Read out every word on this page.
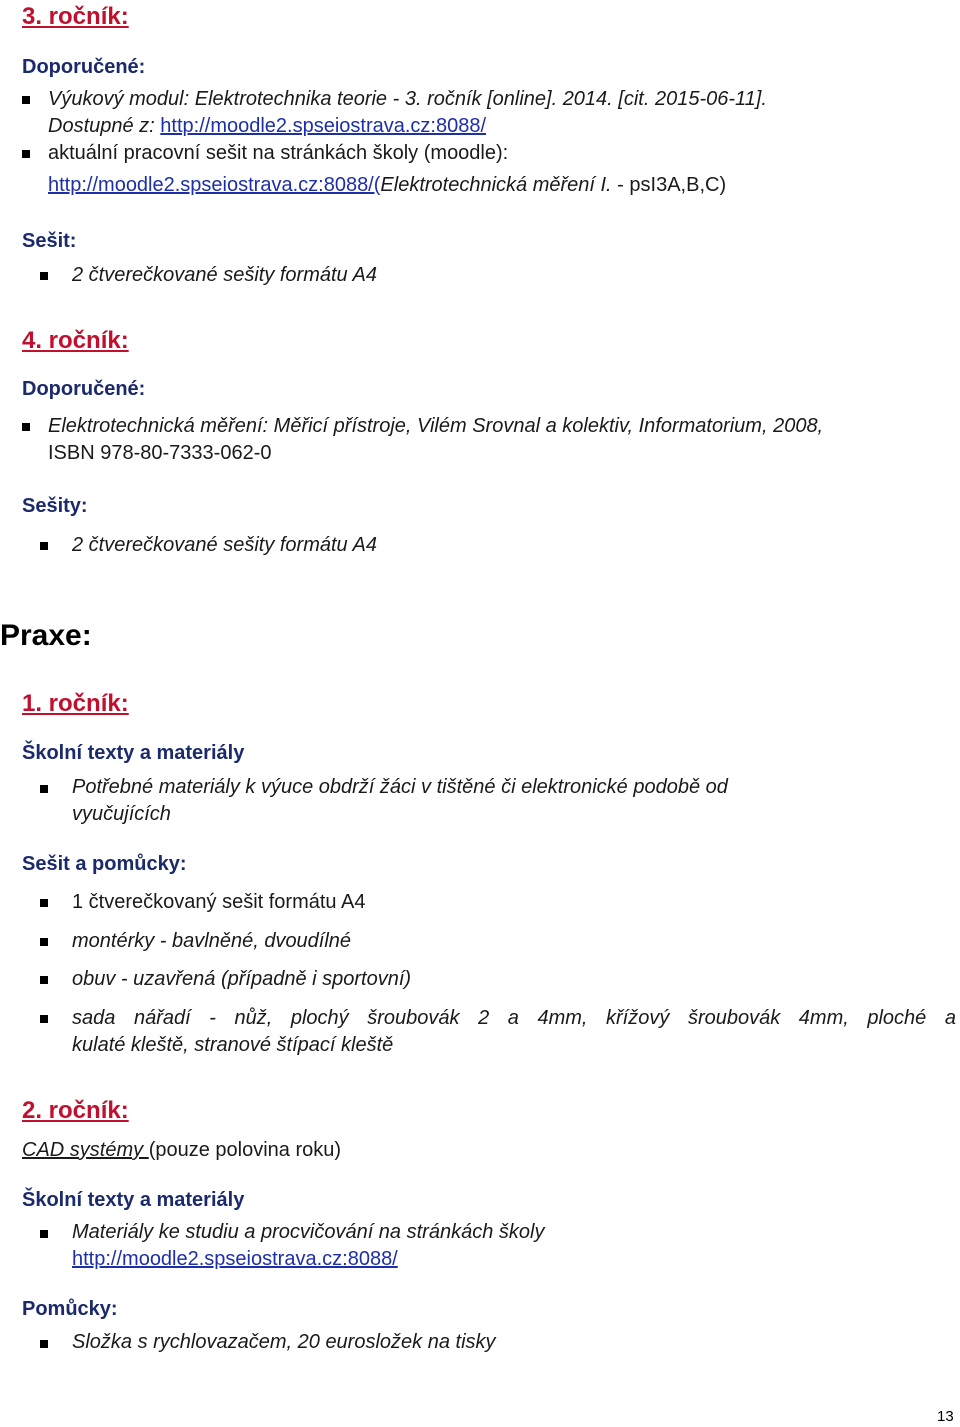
3. ročník:
Doporučené:
Výukový modul: Elektrotechnika teorie - 3. ročník [online]. 2014. [cit. 2015-06-11].
Dostupné z: http://moodle2.spseiostrava.cz:8088/
aktuální pracovní sešit na stránkách školy (moodle):
http://moodle2.spseiostrava.cz:8088/(Elektrotechnická měření I. - psI3A,B,C)
Sešit:
2 čtverečkované sešity formátu A4
4. ročník:
Doporučené:
Elektrotechnická měření: Měřicí přístroje, Vilém Srovnal a kolektiv, Informatorium, 2008,
ISBN 978-80-7333-062-0
Sešity:
2 čtverečkované sešity formátu A4
Praxe:
1. ročník:
Školní texty a materiály
Potřebné materiály k výuce obdrží žáci v tištěné či elektronické podobě od
vyučujících
Sešit a pomůcky:
1 čtverečkovaný sešit formátu A4
montérky - bavlněné, dvoudílné
obuv - uzavřená (případně i sportovní)
sada nářadí - nůž, plochý šroubovák 2 a 4mm, křížový šroubovák 4mm, ploché a
kulaté kleště, stranové štípací kleště
2. ročník:
CAD systémy (pouze polovina roku)
Školní texty a materiály
Materiály ke studiu a procvičování na stránkách školy
http://moodle2.spseiostrava.cz:8088/
Pomůcky:
Složka s rychlovazačem, 20 eurosložek na tisky
13
